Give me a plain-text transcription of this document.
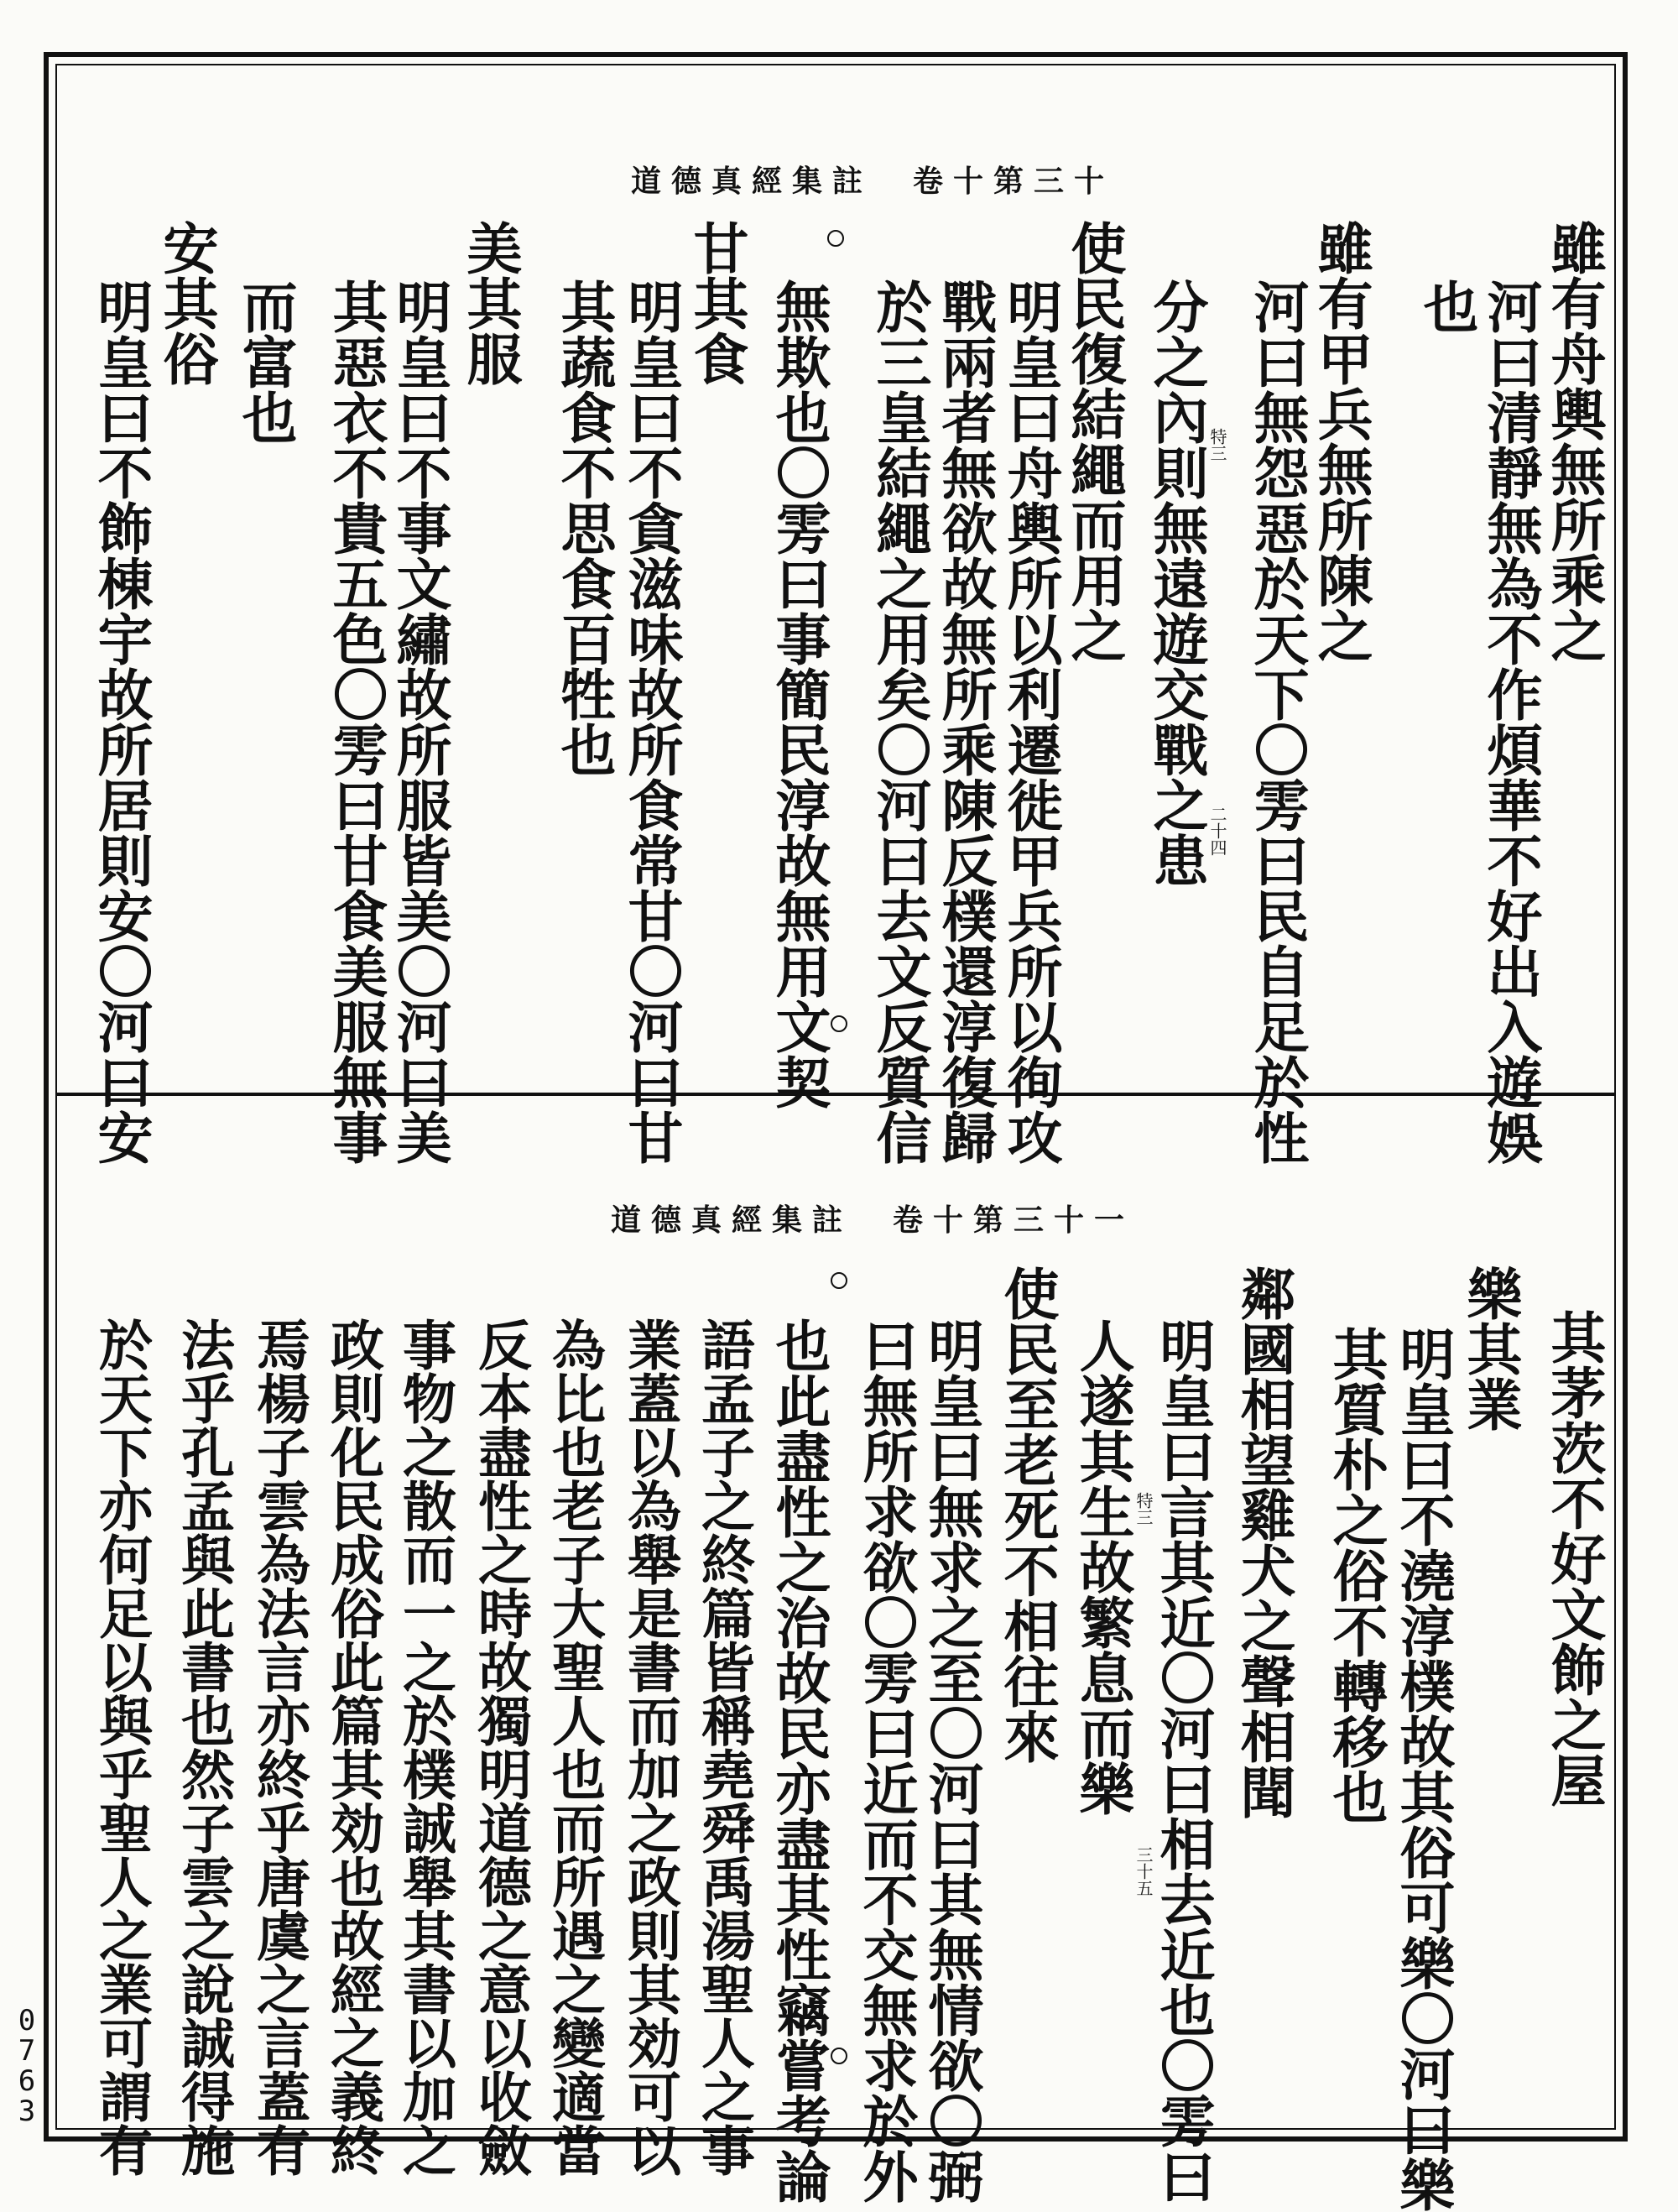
道德真經集註　卷十第三十
道德真經集註　卷十第三十一
雖有舟輿無所乘之
河曰清靜無為不作煩華不好出入遊娛
也
雖有甲兵無所陳之
河曰無怨惡於天下〇雱曰民自足於性
分之內則無遠遊交戰之患
使民復結繩而用之
明皇曰舟輿所以利遷徙甲兵所以徇攻
戰兩者無欲故無所乘陳反樸還淳復歸
於三皇結繩之用矣〇河曰去文反質信
無欺也〇雱曰事簡民淳故無用文契
甘其食
明皇曰不貪滋味故所食常甘〇河曰甘
其蔬食不思食百牲也
美其服
明皇曰不事文繡故所服皆美〇河曰美
其惡衣不貴五色〇雱曰甘食美服無事
而富也
安其俗
明皇曰不飾棟宇故所居則安〇河曰安	特三
二十四
其茅茨不好文飾之屋
樂其業
明皇曰不澆淳樸故其俗可樂〇河曰樂
其質朴之俗不轉移也
鄰國相望雞犬之聲相聞
明皇曰言其近〇河曰相去近也〇雱曰
人遂其生故繁息而樂
使民至老死不相往來
明皇曰無求之至〇河曰其無情欲〇弼
曰無所求欲〇雱曰近而不交無求於外
也此盡性之治故民亦盡其性竊嘗考論
語孟子之終篇皆稱堯舜禹湯聖人之事
業蓋以為舉是書而加之政則其効可以
為比也老子大聖人也而所遇之變適當
反本盡性之時故獨明道德之意以收斂
事物之散而一之於樸誠舉其書以加之
政則化民成俗此篇其効也故經之義終
焉楊子雲為法言亦終乎唐虞之言蓋有
法乎孔孟與此書也然子雲之說誠得施
於天下亦何足以與乎聖人之業可謂有	特三
三十五
0763
